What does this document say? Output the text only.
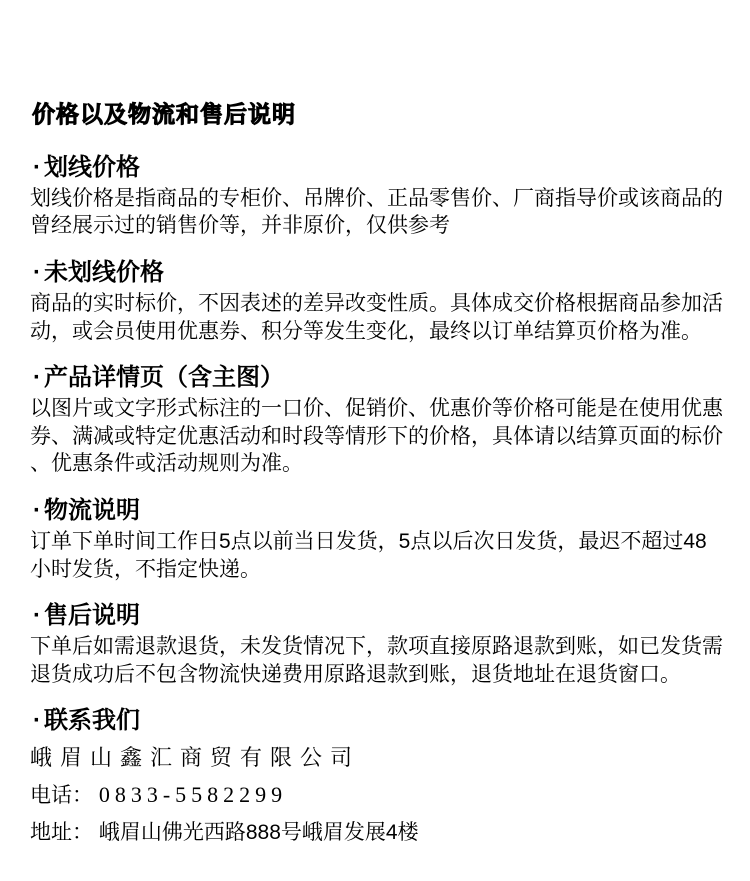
价格以及物流和售后说明
· 划线价格

划线价格是指商品的专柜价、吊牌价、正品零售价、厂商指导价或该商品的曾经展示过的销售价等，并非原价，仅供参考

· 未划线价格

商品的实时标价，不因表述的差异改变性质。具体成交价格根据商品参加活动，或会员使用优惠券、积分等发生变化，最终以订单结算页价格为准。

· 产品详情页（含主图）

以图片或文字形式标注的一口价、促销价、优惠价等价格可能是在使用优惠券、满减或特定优惠活动和时段等情形下的价格，具体请以结算页面的标价、优惠条件或活动规则为准。

· 物流说明

订单下单时间工作日5点以前当日发货，5点以后次日发货，最迟不超过48小时发货，不指定快递。

· 售后说明

下单后如需退款退货，未发货情况下，款项直接原路退款到账，如已发货需退货成功后不包含物流快递费用原路退款到账，退货地址在退货窗口。

· 联系我们

峨眉山鑫汇商贸有限公司

电话： 0833-5582299

地址： 峨眉山佛光西路888号峨眉发展4楼
